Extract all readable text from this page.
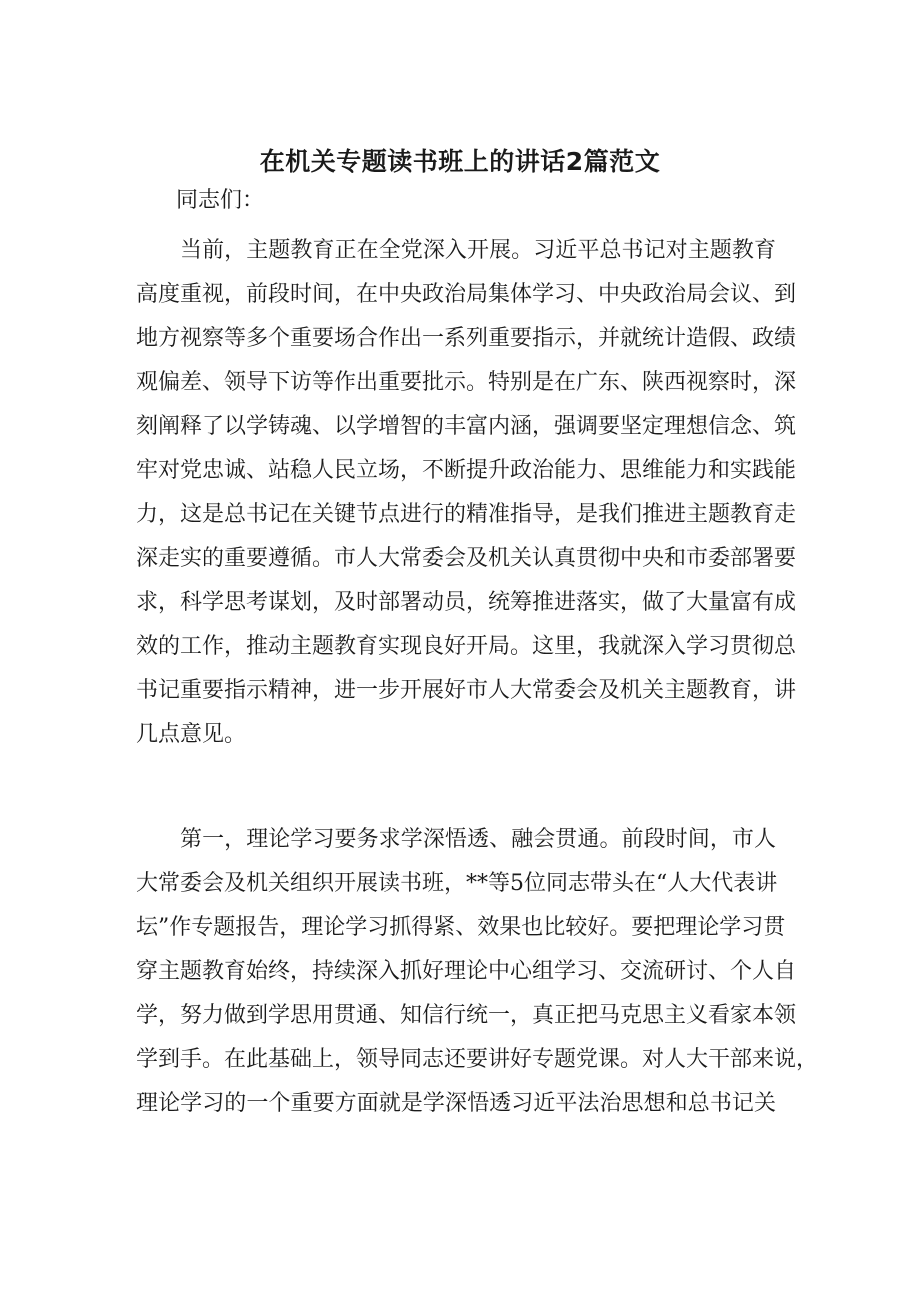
在机关专题读书班上的讲话2篇范文

同志们：

当前，主题教育正在全党深入开展。习近平总书记对主题教育
高度重视，前段时间，在中央政治局集体学习、中央政治局会议、到
地方视察等多个重要场合作出一系列重要指示，并就统计造假、政绩
观偏差、领导下访等作出重要批示。特别是在广东、陕西视察时，深
刻阐释了以学铸魂、以学增智的丰富内涵，强调要坚定理想信念、筑
牢对党忠诚、站稳人民立场，不断提升政治能力、思维能力和实践能
力，这是总书记在关键节点进行的精准指导，是我们推进主题教育走
深走实的重要遵循。市人大常委会及机关认真贯彻中央和市委部署要
求，科学思考谋划，及时部署动员，统筹推进落实，做了大量富有成
效的工作，推动主题教育实现良好开局。这里，我就深入学习贯彻总
书记重要指示精神，进一步开展好市人大常委会及机关主题教育，讲
几点意见。
第一，理论学习要务求学深悟透、融会贯通。前段时间，市人
大常委会及机关组织开展读书班，**等5位同志带头在“人大代表讲
坛”作专题报告，理论学习抓得紧、效果也比较好。要把理论学习贯
穿主题教育始终，持续深入抓好理论中心组学习、交流研讨、个人自
学，努力做到学思用贯通、知信行统一，真正把马克思主义看家本领
学到手。在此基础上，领导同志还要讲好专题党课。对人大干部来说，
理论学习的一个重要方面就是学深悟透习近平法治思想和总书记关
